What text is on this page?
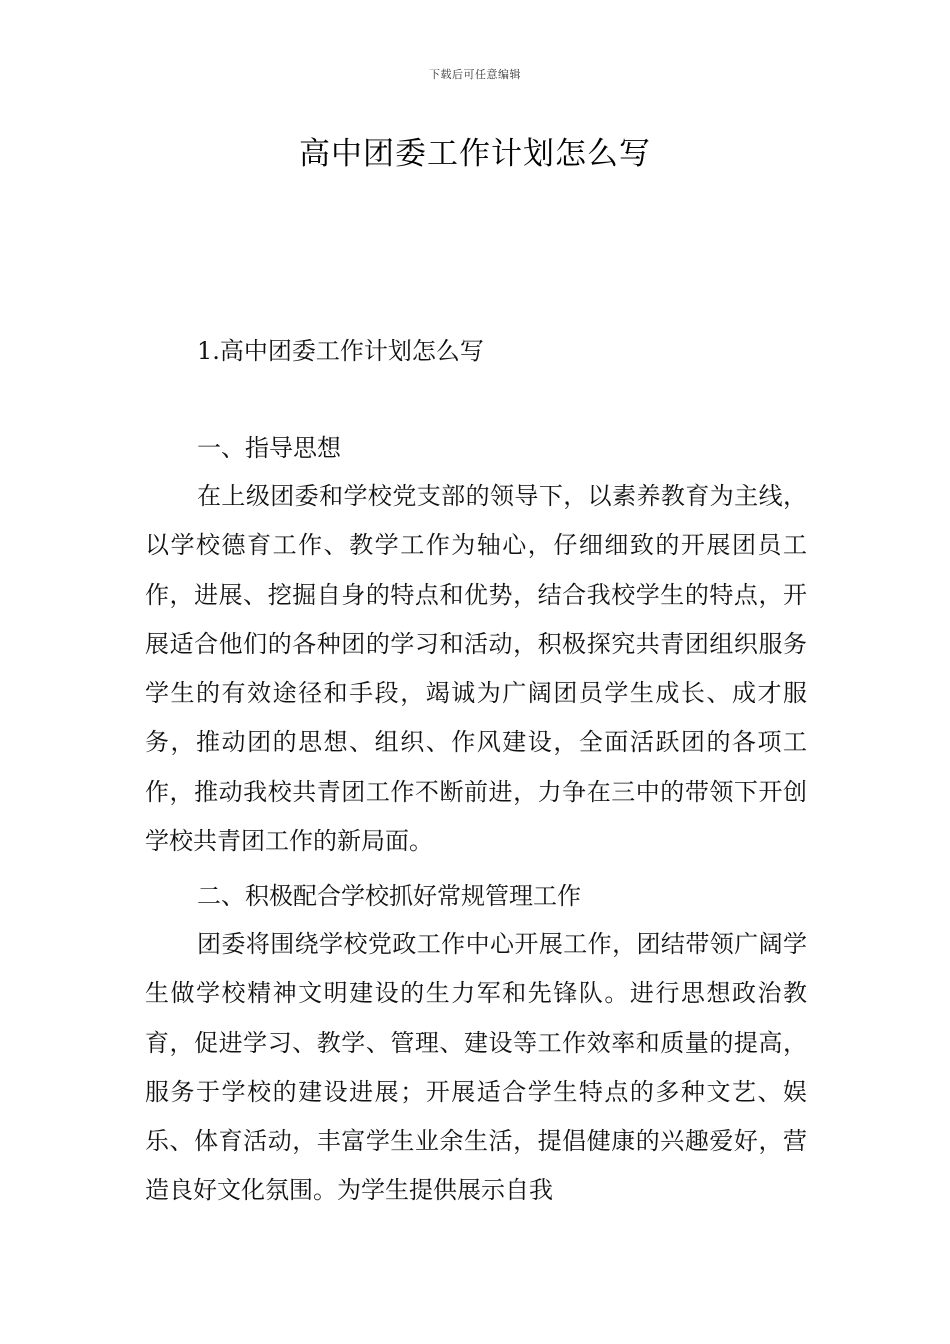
下载后可任意编辑
高中团委工作计划怎么写
1.高中团委工作计划怎么写
一、指导思想

在上级团委和学校党支部的领导下，以素养教育为主线，以学校德育工作、教学工作为轴心，仔细细致的开展团员工作，进展、挖掘自身的特点和优势，结合我校学生的特点，开展适合他们的各种团的学习和活动，积极探究共青团组织服务学生的有效途径和手段，竭诚为广阔团员学生成长、成才服务，推动团的思想、组织、作风建设，全面活跃团的各项工作，推动我校共青团工作不断前进，力争在三中的带领下开创学校共青团工作的新局面。

二、积极配合学校抓好常规管理工作

团委将围绕学校党政工作中心开展工作，团结带领广阔学生做学校精神文明建设的生力军和先锋队。进行思想政治教育，促进学习、教学、管理、建设等工作效率和质量的提高，服务于学校的建设进展；开展适合学生特点的多种文艺、娱乐、体育活动，丰富学生业余生活，提倡健康的兴趣爱好，营造良好文化氛围。为学生提供展示自我
